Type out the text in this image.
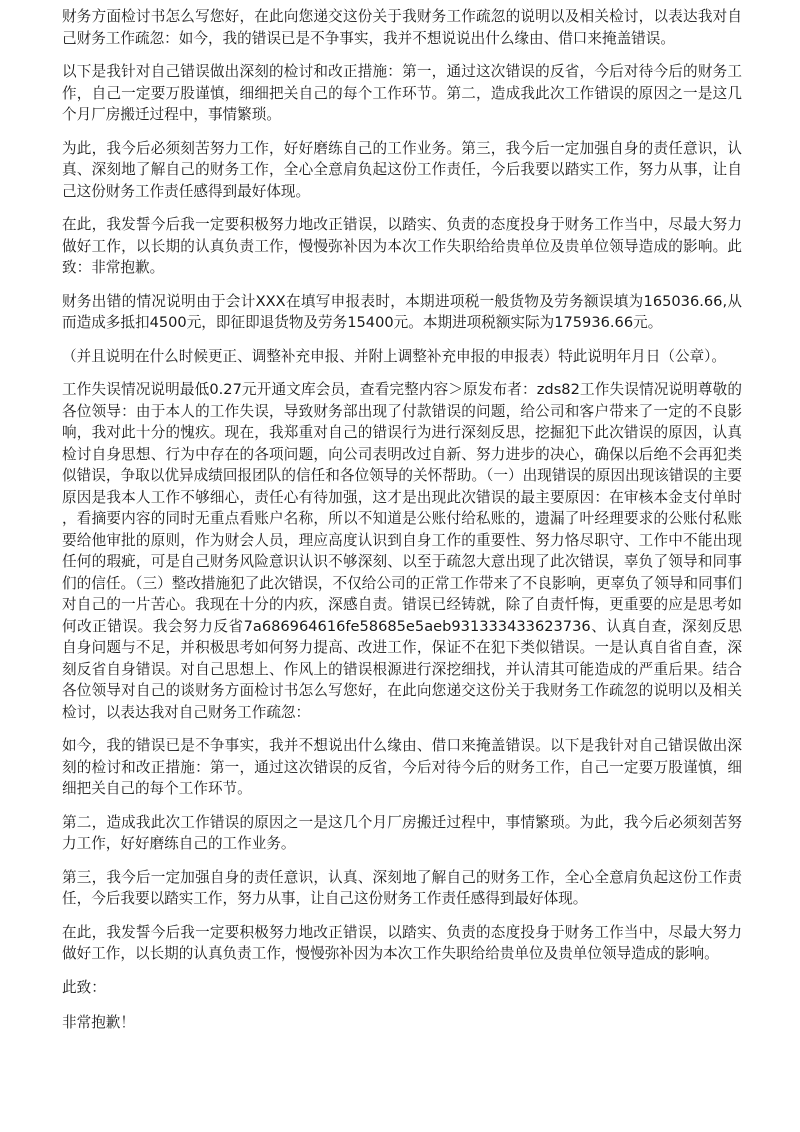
财务方面检讨书怎么写您好，在此向您递交这份关于我财务工作疏忽的说明以及相关检讨，以表达我对自己财务工作疏忽：如今，我的错误已是不争事实，我并不想说说出什么缘由、借口来掩盖错误。

以下是我针对自己错误做出深刻的检讨和改正措施：第一，通过这次错误的反省，今后对待今后的财务工作，自己一定要万股谨慎，细细把关自己的每个工作环节。第二，造成我此次工作错误的原因之一是这几个月厂房搬迁过程中，事情繁琐。

为此，我今后必须刻苦努力工作，好好磨练自己的工作业务。第三，我今后一定加强自身的责任意识，认真、深刻地了解自己的财务工作，全心全意肩负起这份工作责任，今后我要以踏实工作，努力从事，让自己这份财务工作责任感得到最好体现。

在此，我发誓今后我一定要积极努力地改正错误，以踏实、负责的态度投身于财务工作当中，尽最大努力做好工作，以长期的认真负责工作，慢慢弥补因为本次工作失职给给贵单位及贵单位领导造成的影响。此致：非常抱歉。

财务出错的情况说明由于会计XXX在填写申报表时，本期进项税一般货物及劳务额误填为165036.66,从而造成多抵扣4500元，即征即退货物及劳务15400元。本期进项税额实际为175936.66元。

（并且说明在什么时候更正、调整补充申报、并附上调整补充申报的申报表）特此说明年月日（公章）。

工作失误情况说明最低0.27元开通文库会员，查看完整内容＞原发布者：zds82工作失误情况说明尊敬的各位领导：由于本人的工作失误，导致财务部出现了付款错误的问题，给公司和客户带来了一定的不良影响，我对此十分的愧疚。现在，我郑重对自己的错误行为进行深刻反思，挖掘犯下此次错误的原因，认真检讨自身思想、行为中存在的各项问题，向公司表明改过自新、努力进步的决心，确保以后绝不会再犯类似错误，争取以优异成绩回报团队的信任和各位领导的关怀帮助。（一）出现错误的原因出现该错误的主要原因是我本人工作不够细心，责任心有待加强，这才是出现此次错误的最主要原因：在审核本金支付单时，看摘要内容的同时无重点看账户名称，所以不知道是公账付给私账的，遗漏了叶经理要求的公账付私账要给他审批的原则，作为财会人员，理应高度认识到自身工作的重要性、努力恪尽职守、工作中不能出现任何的瑕疵，可是自己财务风险意识认识不够深刻、以至于疏忽大意出现了此次错误，辜负了领导和同事们的信任。（三）整改措施犯了此次错误，不仅给公司的正常工作带来了不良影响，更辜负了领导和同事们对自己的一片苦心。我现在十分的内疚，深感自责。错误已经铸就，除了自责忏悔，更重要的应是思考如何改正错误。我会努力反省7a686964616fe58685e5aeb931333433623736、认真自查，深刻反思自身问题与不足，并积极思考如何努力提高、改进工作，保证不在犯下类似错误。一是认真自省自查，深刻反省自身错误。对自己思想上、作风上的错误根源进行深挖细找，并认清其可能造成的严重后果。结合各位领导对自己的谈财务方面检讨书怎么写您好，在此向您递交这份关于我财务工作疏忽的说明以及相关检讨，以表达我对自己财务工作疏忽：

如今，我的错误已是不争事实，我并不想说出什么缘由、借口来掩盖错误。以下是我针对自己错误做出深刻的检讨和改正措施：第一，通过这次错误的反省，今后对待今后的财务工作，自己一定要万股谨慎，细细把关自己的每个工作环节。

第二，造成我此次工作错误的原因之一是这几个月厂房搬迁过程中，事情繁琐。为此，我今后必须刻苦努力工作，好好磨练自己的工作业务。

第三，我今后一定加强自身的责任意识，认真、深刻地了解自己的财务工作，全心全意肩负起这份工作责任，今后我要以踏实工作，努力从事，让自己这份财务工作责任感得到最好体现。

在此，我发誓今后我一定要积极努力地改正错误，以踏实、负责的态度投身于财务工作当中，尽最大努力做好工作，以长期的认真负责工作，慢慢弥补因为本次工作失职给给贵单位及贵单位领导造成的影响。

此致：

非常抱歉！
